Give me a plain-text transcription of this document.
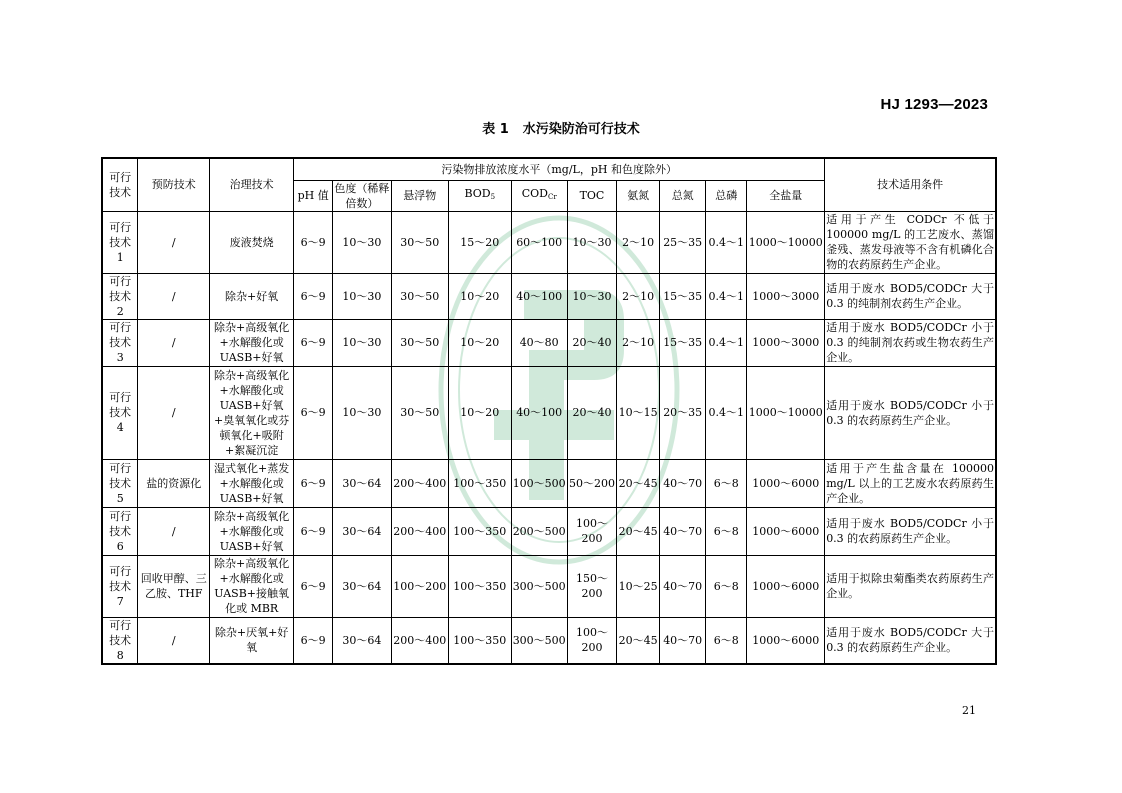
HJ 1293—2023
表 1 水污染防治可行技术
可行技术	预防技术	治理技术	污染物排放浓度水平（mg/L，pH 和色度除外）										技术适用条件
			pH 值	色度（稀释倍数）	悬浮物	$BOD_5$	$COD_{Cr}$	TOC	氨氮	总氮	总磷	全盐量	
可行技术 1	/	废液焚烧	6～9	10～30	30～50	15～20	60～100	10～30	2～10	25～35	0.4～1	1000～10000	适用于产生 CODCr 不低于 100000 mg/L 的工艺废水、蒸馏釜残、蒸发母液等不含有机磷化合物的农药原药生产企业。
可行技术 2	/	除杂+好氧	6～9	10～30	30～50	10～20	40～100	10～30	2～10	15～35	0.4～1	1000～3000	适用于废水 BOD5/CODCr 大于 0.3 的纯制剂农药生产企业。
可行技术 3	/	除杂+高级氧化+水解酸化或UASB+好氧	6～9	10～30	30～50	10～20	40～80	20～40	2～10	15～35	0.4～1	1000～3000	适用于废水 BOD5/CODCr 小于 0.3 的纯制剂农药或生物农药生产企业。
可行技术 4	/	除杂+高级氧化+水解酸化或UASB+好氧+臭氧氧化或芬顿氧化+吸附+絮凝沉淀	6～9	10～30	30～50	10～20	40～100	20～40	10～15	20～35	0.4～1	1000～10000	适用于废水 BOD5/CODCr 小于 0.3 的农药原药生产企业。
可行技术 5	盐的资源化	湿式氧化+蒸发+水解酸化或UASB+好氧	6～9	30～64	200～400	100～350	100～500	50～200	20～45	40～70	6～8	1000～6000	适用于产生盐含量在 100000 mg/L 以上的工艺废水农药原药生产企业。
可行技术 6	/	除杂+高级氧化+水解酸化或UASB+好氧	6～9	30～64	200～400	100～350	200～500	100～200	20～45	40～70	6～8	1000～6000	适用于废水 BOD5/CODCr 小于 0.3 的农药原药生产企业。
可行技术 7	回收甲醇、三乙胺、THF	除杂+高级氧化+水解酸化或UASB+接触氧化或 MBR	6～9	30～64	100～200	100～350	300～500	150～200	10～25	40～70	6～8	1000～6000	适用于拟除虫菊酯类农药原药生产企业。
可行技术 8	/	除杂+厌氧+好氧	6～9	30～64	200～400	100～350	300～500	100～200	20～45	40～70	6～8	1000～6000	适用于废水 BOD5/CODCr 大于 0.3 的农药原药生产企业。
21
